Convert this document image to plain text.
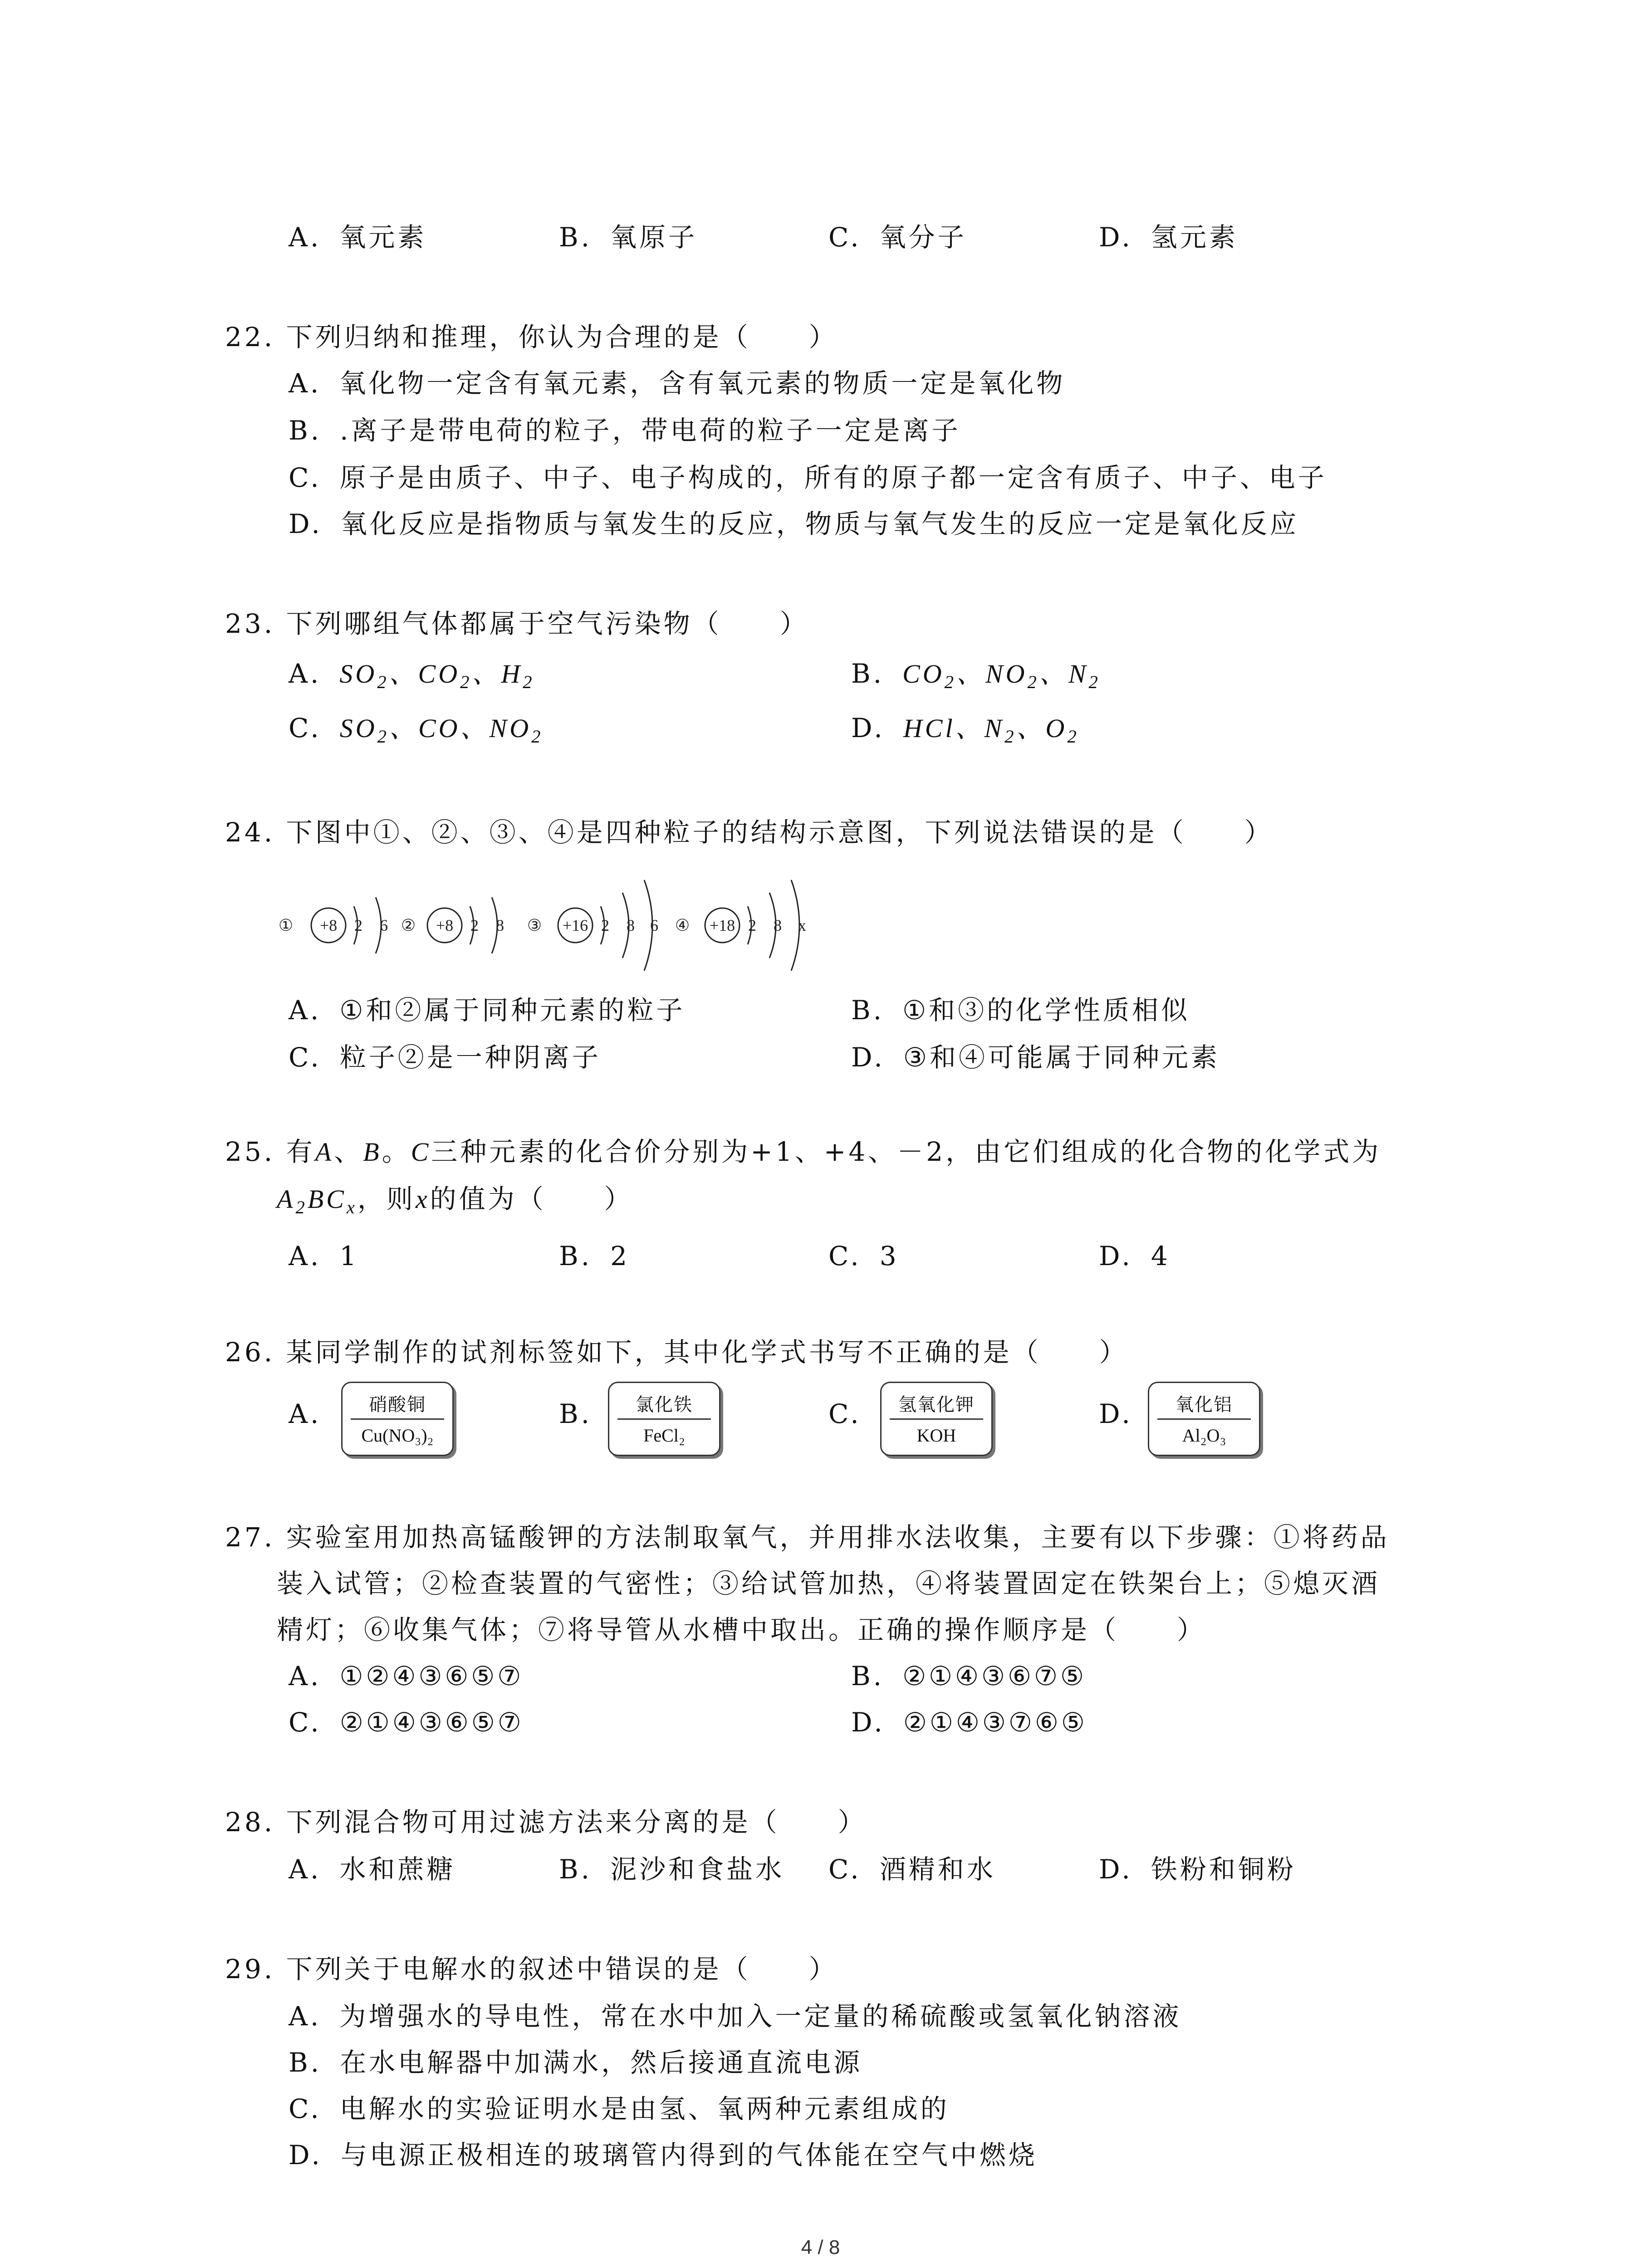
A. 氧元素	B. 氧原子	C. 氧分子	D. 氢元素
22. 下列归纳和推理，你认为合理的是（　　）
A. 氧化物一定含有氧元素，含有氧元素的物质一定是氧化物
B. .离子是带电荷的粒子，带电荷的粒子一定是离子
C. 原子是由质子、中子、电子构成的，所有的原子都一定含有质子、中子、电子
D. 氧化反应是指物质与氧发生的反应，物质与氧气发生的反应一定是氧化反应
23. 下列哪组气体都属于空气污染物（　　）
A. $SO_2$、$CO_2$、$H_2$	B. $CO_2$、$NO_2$、$N_2$
C. $SO_2$、CO、$NO_2$	D. HCl、$N_2$、$O_2$
24. 下图中①、②、③、④是四种粒子的结构示意图，下列说法错误的是（　　）
① +8 2 6 ② +8 2 8 ③ +16 2 8 6 ④ +18 2 8 x
A. ①和②属于同种元素的粒子	B. ①和③的化学性质相似
C. 粒子②是一种阴离子	D. ③和④可能属于同种元素
25. 有A、B。C三种元素的化合价分别为+1、+4、－2，由它们组成的化合物的化学式为
$A_2BC_x$，则x的值为（　　）
A. 1	B. 2	C. 3	D. 4
26. 某同学制作的试剂标签如下，其中化学式书写不正确的是（　　）
A.	硝酸铜
Cu(NO₃)₂
B.	氯化铁
FeCl₂
C.	氢氧化钾
KOH
D.	氧化铝
Al₂O₃
27. 实验室用加热高锰酸钾的方法制取氧气，并用排水法收集，主要有以下步骤：①将药品
装入试管；②检查装置的气密性；③给试管加热，④将装置固定在铁架台上；⑤熄灭酒
精灯；⑥收集气体；⑦将导管从水槽中取出。正确的操作顺序是（　　）
A. ①②④③⑥⑤⑦	B. ②①④③⑥⑦⑤
C. ②①④③⑥⑤⑦	D. ②①④③⑦⑥⑤
28. 下列混合物可用过滤方法来分离的是（　　）
A. 水和蔗糖	B. 泥沙和食盐水 C. 酒精和水	D. 铁粉和铜粉
29. 下列关于电解水的叙述中错误的是（　　）
A. 为增强水的导电性，常在水中加入一定量的稀硫酸或氢氧化钠溶液
B. 在水电解器中加满水，然后接通直流电源
C. 电解水的实验证明水是由氢、氧两种元素组成的
D. 与电源正极相连的玻璃管内得到的气体能在空气中燃烧
4 / 8
